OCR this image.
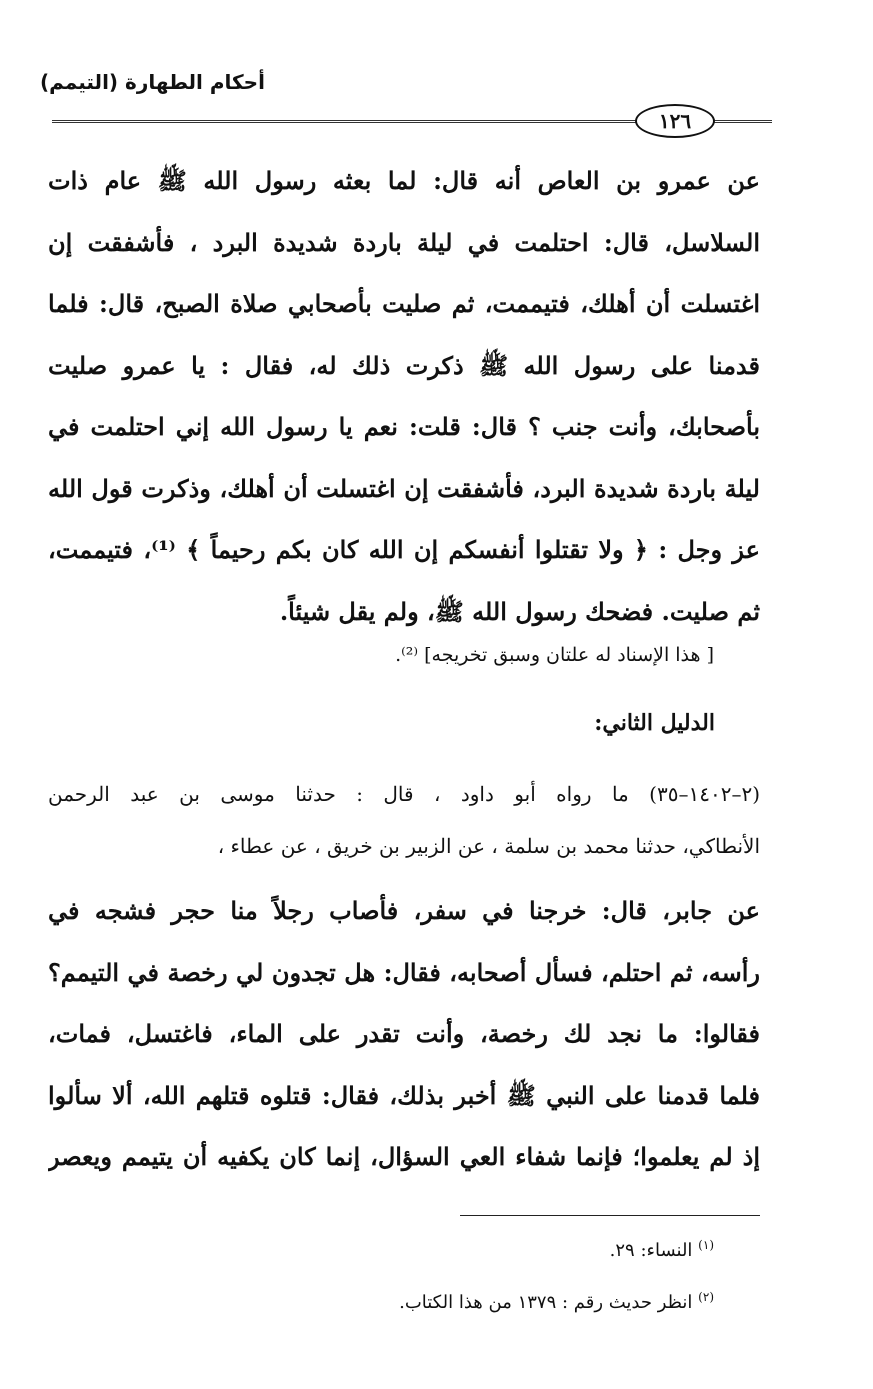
أحكام الطهارة (التيمم)
١٢٦
عن عمرو بن العاص أنه قال: لما بعثه رسول الله ﷺ عام ذات
السلاسل، قال: احتلمت في ليلة باردة شديدة البرد ، فأشفقت إن
اغتسلت أن أهلك، فتيممت، ثم صليت بأصحابي صلاة الصبح، قال: فلما
قدمنا على رسول الله ﷺ ذكرت ذلك له، فقال : يا عمرو صليت
بأصحابك، وأنت جنب ؟ قال: قلت: نعم يا رسول الله إني احتلمت في
ليلة باردة شديدة البرد، فأشفقت إن اغتسلت أن أهلك، وذكرت قول الله
عز وجل : ﴿ ولا تقتلوا أنفسكم إن الله كان بكم رحيماً ﴾ ⁽¹⁾، فتيممت،
ثم صليت. فضحك رسول الله ﷺ، ولم يقل شيئاً.
[ هذا الإسناد له علتان وسبق تخريجه] ⁽²⁾.
الدليل الثاني:
(٢–١٤٠٢–٣٥) ما رواه أبو داود ، قال : حدثنا موسى بن عبد الرحمن
الأنطاكي، حدثنا محمد بن سلمة ، عن الزبير بن خريق ، عن عطاء ،
عن جابر، قال: خرجنا في سفر، فأصاب رجلاً منا حجر فشجه في
رأسه، ثم احتلم، فسأل أصحابه، فقال: هل تجدون لي رخصة في التيمم؟
فقالوا: ما نجد لك رخصة، وأنت تقدر على الماء، فاغتسل، فمات،
فلما قدمنا على النبي ﷺ أخبر بذلك، فقال: قتلوه قتلهم الله، ألا سألوا
إذ لم يعلموا؛ فإنما شفاء العي السؤال، إنما كان يكفيه أن يتيمم ويعصر
$^{(١)}$ النساء: ٢٩.
$^{(٢)}$ انظر حديث رقم : ١٣٧٩ من هذا الكتاب.
